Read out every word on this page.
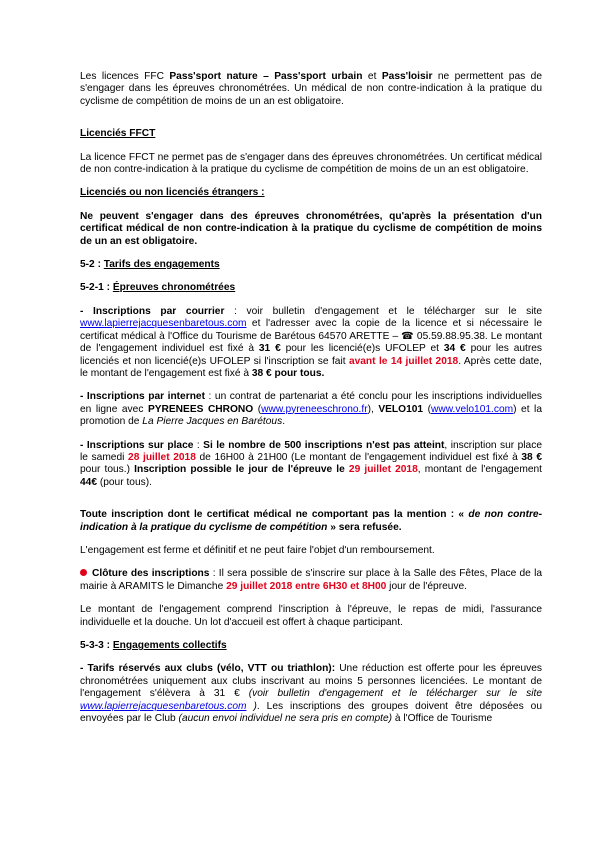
Les licences FFC Pass'sport nature – Pass'sport urbain et Pass'loisir ne permettent pas de s'engager dans les épreuves chronométrées. Un médical de non contre-indication à la pratique du cyclisme de compétition de moins de un an est obligatoire.

Licenciés FFCT

La licence FFCT ne permet pas de s'engager dans des épreuves chronométrées. Un certificat médical de non contre-indication à la pratique du cyclisme de compétition de moins de un an est obligatoire.

Licenciés ou non licenciés étrangers :

Ne peuvent s'engager dans des épreuves chronométrées, qu'après la présentation d'un certificat médical de non contre-indication à la pratique du cyclisme de compétition de moins de un an est obligatoire.

5-2 : Tarifs des engagements

5-2-1 : Épreuves chronométrées

- Inscriptions par courrier : voir bulletin d'engagement et le télécharger sur le site www.lapierrejacquesenbaretous.com et l'adresser avec la copie de la licence et si nécessaire le certificat médical à l'Office du Tourisme de Barétous 64570 ARETTE – ☎ 05.59.88.95.38. Le montant de l'engagement individuel est fixé à 31 € pour les licencié(e)s UFOLEP et 34 € pour les autres licenciés et non licencié(e)s UFOLEP si l'inscription se fait avant le 14 juillet 2018. Après cette date, le montant de l'engagement est fixé à 38 € pour tous.

- Inscriptions par internet : un contrat de partenariat a été conclu pour les inscriptions individuelles en ligne avec PYRENEES CHRONO (www.pyreneeschrono.fr), VELO101 (www.velo101.com) et la promotion de La Pierre Jacques en Barétous.

- Inscriptions sur place : Si le nombre de 500 inscriptions n'est pas atteint, inscription sur place le samedi 28 juillet 2018 de 16H00 à 21H00 (Le montant de l'engagement individuel est fixé à 38 € pour tous.) Inscription possible le jour de l'épreuve le 29 juillet 2018, montant de l'engagement 44€ (pour tous).

Toute inscription dont le certificat médical ne comportant pas la mention : « de non contre-indication à la pratique du cyclisme de compétition » sera refusée.

L'engagement est ferme et définitif et ne peut faire l'objet d'un remboursement.

Clôture des inscriptions : Il sera possible de s'inscrire sur place à la Salle des Fêtes, Place de la mairie à ARAMITS le Dimanche 29 juillet 2018 entre 6H30 et 8H00 jour de l'épreuve.

Le montant de l'engagement comprend l'inscription à l'épreuve, le repas de midi, l'assurance individuelle et la douche. Un lot d'accueil est offert à chaque participant.

5-3-3 : Engagements collectifs

- Tarifs réservés aux clubs (vélo, VTT ou triathlon): Une réduction est offerte pour les épreuves chronométrées uniquement aux clubs inscrivant au moins 5 personnes licenciées. Le montant de l'engagement s'élèvera à 31 € (voir bulletin d'engagement et le télécharger sur le site www.lapierrejacquesenbaretous.com ). Les inscriptions des groupes doivent être déposées ou envoyées par le Club (aucun envoi individuel ne sera pris en compte) à l'Office de Tourisme
